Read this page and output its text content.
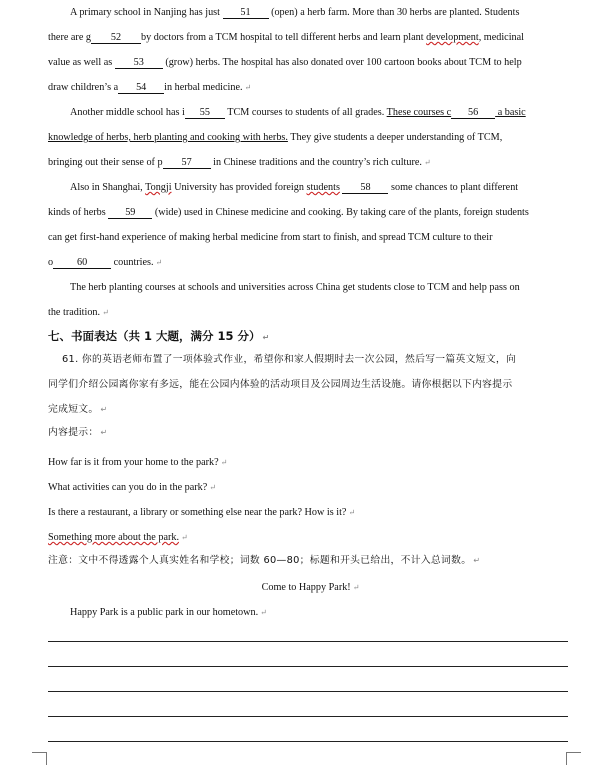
A primary school in Nanjing has just 51 (open) a herb farm. More than 30 herbs are planted. Students
there are g 52 by doctors from a TCM hospital to tell different herbs and learn plant development, medicinal
value as well as 53 (grow) herbs. The hospital has also donated over 100 cartoon books about TCM to help
draw children’s a 54 in herbal medicine. ↵
Another middle school has i 55 TCM courses to students of all grades. These courses c 56 a basic
knowledge of herbs, herb planting and cooking with herbs. They give students a deeper understanding of TCM,
bringing out their sense of p 57 in Chinese traditions and the country’s rich culture. ↵
Also in Shanghai, Tongji University has provided foreign students 58 some chances to plant different
kinds of herbs 59 (wide) used in Chinese medicine and cooking. By taking care of the plants, foreign students
can get first-hand experience of making herbal medicine from start to finish, and spread TCM culture to their
o 60 countries. ↵
The herb planting courses at schools and universities across China get students close to TCM and help pass on
the tradition. ↵
七、书面表达（共 1 大题，满分 15 分） ↵
61. 你的英语老师布置了一项体验式作业，希望你和家人假期时去一次公园，然后写一篇英文短文，向
同学们介绍公园离你家有多远，能在公园内体验的活动项目及公园周边生活设施。请你根据以下内容提示
完成短文。 ↵
内容提示： ↵
How far is it from your home to the park? ↵
What activities can you do in the park? ↵
Is there a restaurant, a library or something else near the park? How is it? ↵
Something more about the park. ↵
注意：文中不得透露个人真实姓名和学校；词数 60—80；标题和开头已给出，不计入总词数。 ↵
Come to Happy Park! ↵
Happy Park is a public park in our hometown. ↵
